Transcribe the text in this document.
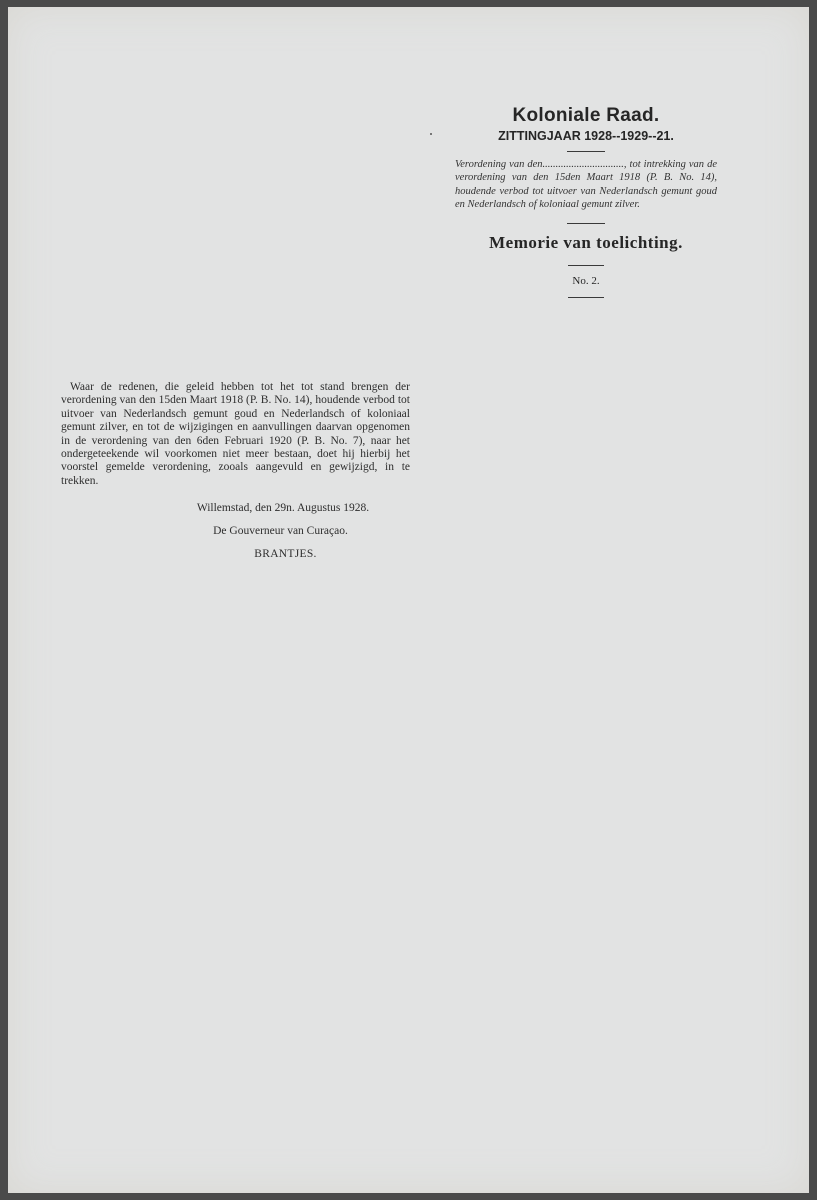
Koloniale Raad.

ZITTINGJAAR 1928--1929--21.

Verordening van den..............................., tot intrekking van de verordening van den 15den Maart 1918 (P. B. No. 14), houdende verbod tot uitvoer van Nederlandsch gemunt goud en Nederlandsch of koloniaal gemunt zilver.

Memorie van toelichting.

No. 2.

Waar de redenen, die geleid hebben tot het tot stand brengen der verordening van den 15den Maart 1918 (P. B. No. 14), houdende verbod tot uitvoer van Nederlandsch gemunt goud en Nederlandsch of koloniaal gemunt zilver, en tot de wijzigingen en aanvullingen daarvan opgenomen in de verordening van den 6den Februari 1920 (P. B. No. 7), naar het ondergeteekende wil voorkomen niet meer bestaan, doet hij hierbij het voorstel gemelde verordening, zooals aangevuld en gewijzigd, in te trekken.

Willemstad, den 29n. Augustus 1928.

De Gouverneur van Curaçao.

BRANTJES.
